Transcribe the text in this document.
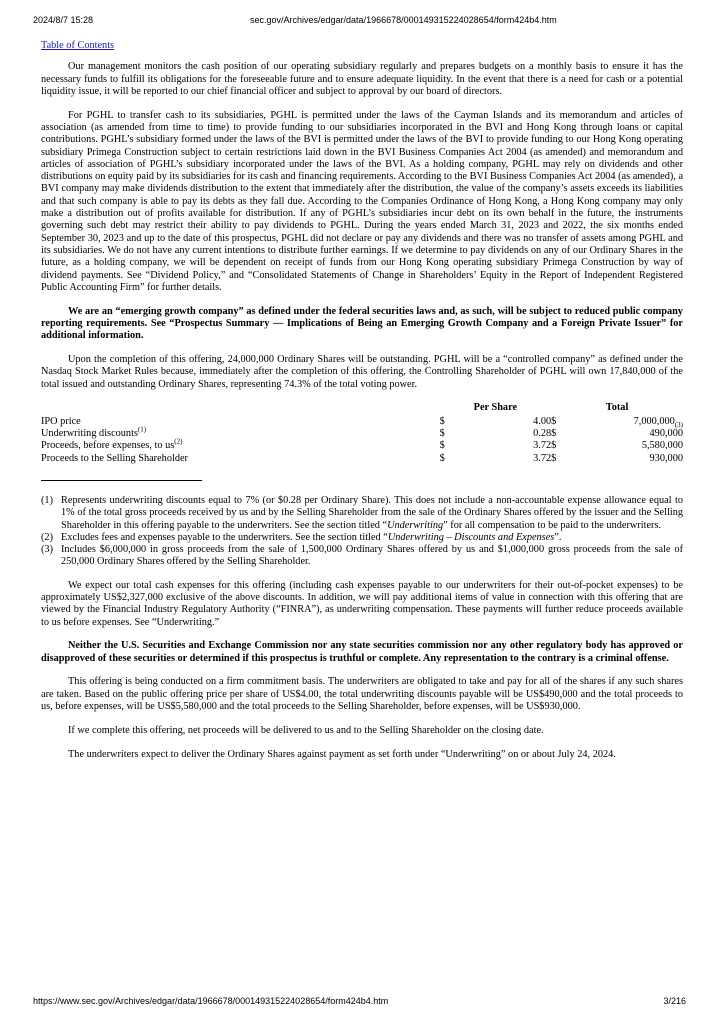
2024/8/7 15:28	sec.gov/Archives/edgar/data/1966678/000149315224028654/form424b4.htm
Table of Contents

Our management monitors the cash position of our operating subsidiary regularly and prepares budgets on a monthly basis to ensure it has the necessary funds to fulfill its obligations for the foreseeable future and to ensure adequate liquidity. In the event that there is a need for cash or a potential liquidity issue, it will be reported to our chief financial officer and subject to approval by our board of directors.

For PGHL to transfer cash to its subsidiaries, PGHL is permitted under the laws of the Cayman Islands and its memorandum and articles of association (as amended from time to time) to provide funding to our subsidiaries incorporated in the BVI and Hong Kong through loans or capital contributions. PGHL’s subsidiary formed under the laws of the BVI is permitted under the laws of the BVI to provide funding to our Hong Kong operating subsidiary Primega Construction subject to certain restrictions laid down in the BVI Business Companies Act 2004 (as amended) and memorandum and articles of association of PGHL’s subsidiary incorporated under the laws of the BVI. As a holding company, PGHL may rely on dividends and other distributions on equity paid by its subsidiaries for its cash and financing requirements. According to the BVI Business Companies Act 2004 (as amended), a BVI company may make dividends distribution to the extent that immediately after the distribution, the value of the company’s assets exceeds its liabilities and that such company is able to pay its debts as they fall due. According to the Companies Ordinance of Hong Kong, a Hong Kong company may only make a distribution out of profits available for distribution. If any of PGHL’s subsidiaries incur debt on its own behalf in the future, the instruments governing such debt may restrict their ability to pay dividends to PGHL. During the years ended March 31, 2023 and 2022, the six months ended September 30, 2023 and up to the date of this prospectus, PGHL did not declare or pay any dividends and there was no transfer of assets among PGHL and its subsidiaries. We do not have any current intentions to distribute further earnings. If we determine to pay dividends on any of our Ordinary Shares in the future, as a holding company, we will be dependent on receipt of funds from our Hong Kong operating subsidiary Primega Construction by way of dividend payments. See “Dividend Policy,” and “Consolidated Statements of Change in Shareholders’ Equity in the Report of Independent Registered Public Accounting Firm” for further details.

We are an “emerging growth company” as defined under the federal securities laws and, as such, will be subject to reduced public company reporting requirements. See “Prospectus Summary — Implications of Being an Emerging Growth Company and a Foreign Private Issuer” for additional information.

Upon the completion of this offering, 24,000,000 Ordinary Shares will be outstanding. PGHL will be a “controlled company” as defined under the Nasdaq Stock Market Rules because, immediately after the completion of this offering, the Controlling Shareholder of PGHL will own 17,840,000 of the total issued and outstanding Ordinary Shares, representing 74.3% of the total voting power.

	Per Share		Total	
IPO price	$	4.00	$	$7,000,000_{(3)}$
Underwriting discounts$^{(1)}$	$	0.28	$	490,000
Proceeds, before expenses, to $us^{(2)}$	$	3.72	$	5,580,000
Proceeds to the Selling Shareholder	$	3.72	$	930,000
(1) Represents underwriting discounts equal to 7% (or $0.28 per Ordinary Share). This does not include a non-accountable expense allowance equal to 1% of the total gross proceeds received by us and by the Selling Shareholder from the sale of the Ordinary Shares offered by the issuer and the Selling Shareholder in this offering payable to the underwriters. See the section titled “Underwriting” for all compensation to be paid to the underwriters.
(2) Excludes fees and expenses payable to the underwriters. See the section titled “Underwriting – Discounts and Expenses”.
(3) Includes $6,000,000 in gross proceeds from the sale of 1,500,000 Ordinary Shares offered by us and $1,000,000 gross proceeds from the sale of 250,000 Ordinary Shares offered by the Selling Shareholder.

We expect our total cash expenses for this offering (including cash expenses payable to our underwriters for their out-of-pocket expenses) to be approximately US$2,327,000 exclusive of the above discounts. In addition, we will pay additional items of value in connection with this offering that are viewed by the Financial Industry Regulatory Authority (“FINRA”), as underwriting compensation. These payments will further reduce proceeds available to us before expenses. See “Underwriting.”

Neither the U.S. Securities and Exchange Commission nor any state securities commission nor any other regulatory body has approved or disapproved of these securities or determined if this prospectus is truthful or complete. Any representation to the contrary is a criminal offense.

This offering is being conducted on a firm commitment basis. The underwriters are obligated to take and pay for all of the shares if any such shares are taken. Based on the public offering price per share of US$4.00, the total underwriting discounts payable will be US$490,000 and the total proceeds to us, before expenses, will be US$5,580,000 and the total proceeds to the Selling Shareholder, before expenses, will be US$930,000.

If we complete this offering, net proceeds will be delivered to us and to the Selling Shareholder on the closing date.

The underwriters expect to deliver the Ordinary Shares against payment as set forth under “Underwriting” on or about July 24, 2024.

https://www.sec.gov/Archives/edgar/data/1966678/000149315224028654/form424b4.htm	3/216
